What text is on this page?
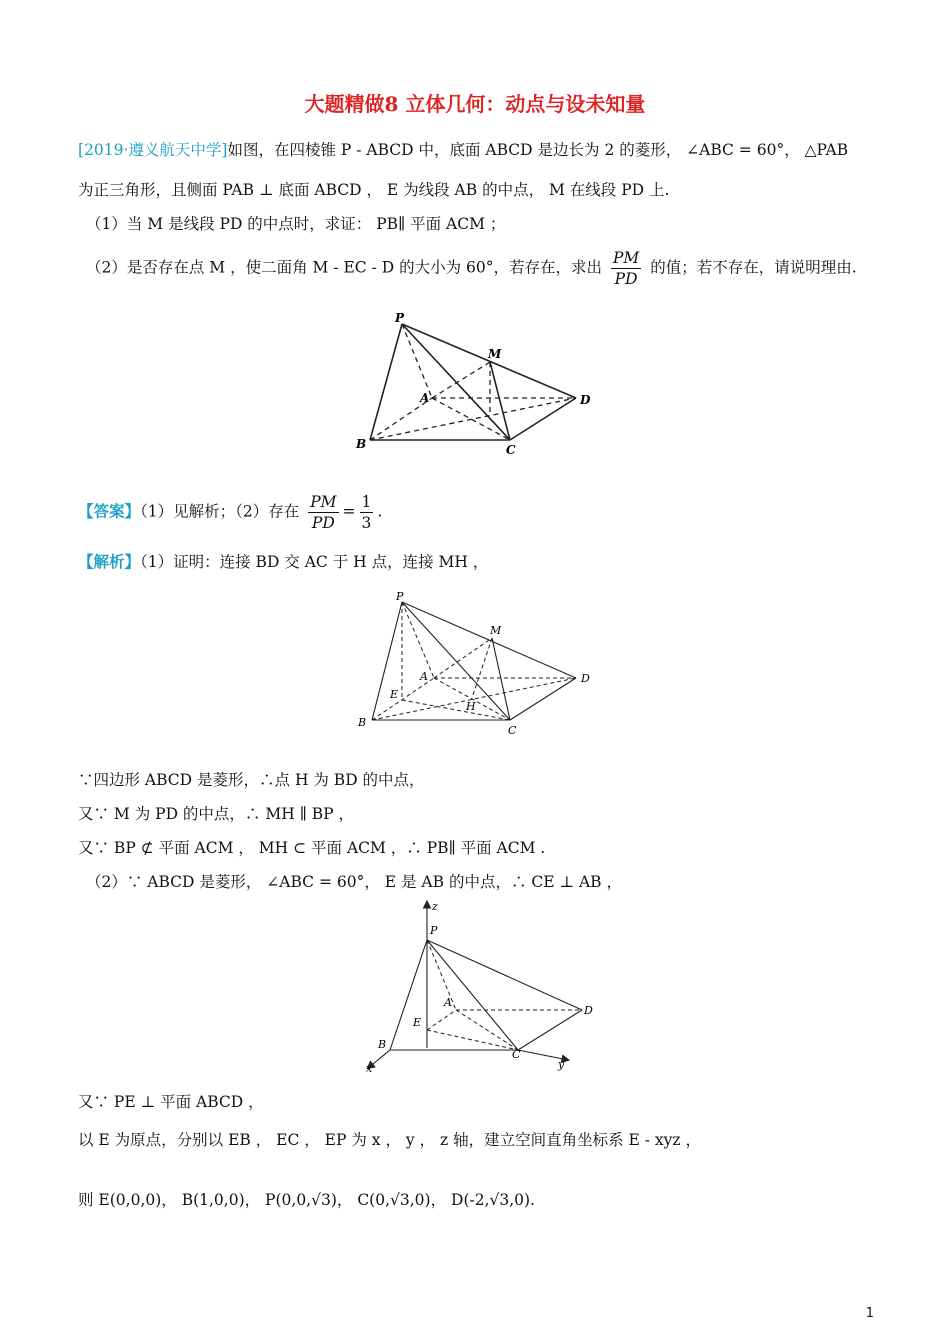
大题精做8 立体几何：动点与设未知量
[2019·遵义航天中学]如图，在四棱锥 P - ABCD 中，底面 ABCD 是边长为 2 的菱形， ∠ABC = 60°， △PAB
为正三角形，且侧面 PAB ⊥ 底面 ABCD ， E 为线段 AB 的中点， M 在线段 PD 上.
（1）当 M 是线段 PD 的中点时，求证： PB∥ 平面 ACM ；
（2）是否存在点 M ，使二面角 M - EC - D 的大小为 60°，若存在，求出 $\frac{PM}{PD}$ 的值；若不存在，请说明理由.
P
M
A	D
B	C
【答案】（1）见解析；（2）存在 $\frac{PM}{PD} = \frac{1}{3}$ .
【解析】（1）证明：连接 BD 交 AC 于 H 点，连接 MH ，
P
M
A	D
E
H
B
C
∵四边形 ABCD 是菱形，∴点 H 为 BD 的中点，
又∵ M 为 PD 的中点，∴ MH ∥ BP ，
又∵ BP ⊄ 平面 ACM ， MH ⊂ 平面 ACM ，∴ PB∥ 平面 ACM .
（2）∵ ABCD 是菱形， ∠ABC = 60°， E 是 AB 的中点，∴ CE ⊥ AB ，
z
P
A
D
E
B
C
x	y
又∵ PE ⊥ 平面 ABCD ，
以 E 为原点，分别以 EB ， EC ， EP 为 x ， y ， z 轴，建立空间直角坐标系 E - xyz ，
则 E(0,0,0)， B(1,0,0)， P(0,0,√3)， C(0,√3,0)， D(-2,√3,0).
1
